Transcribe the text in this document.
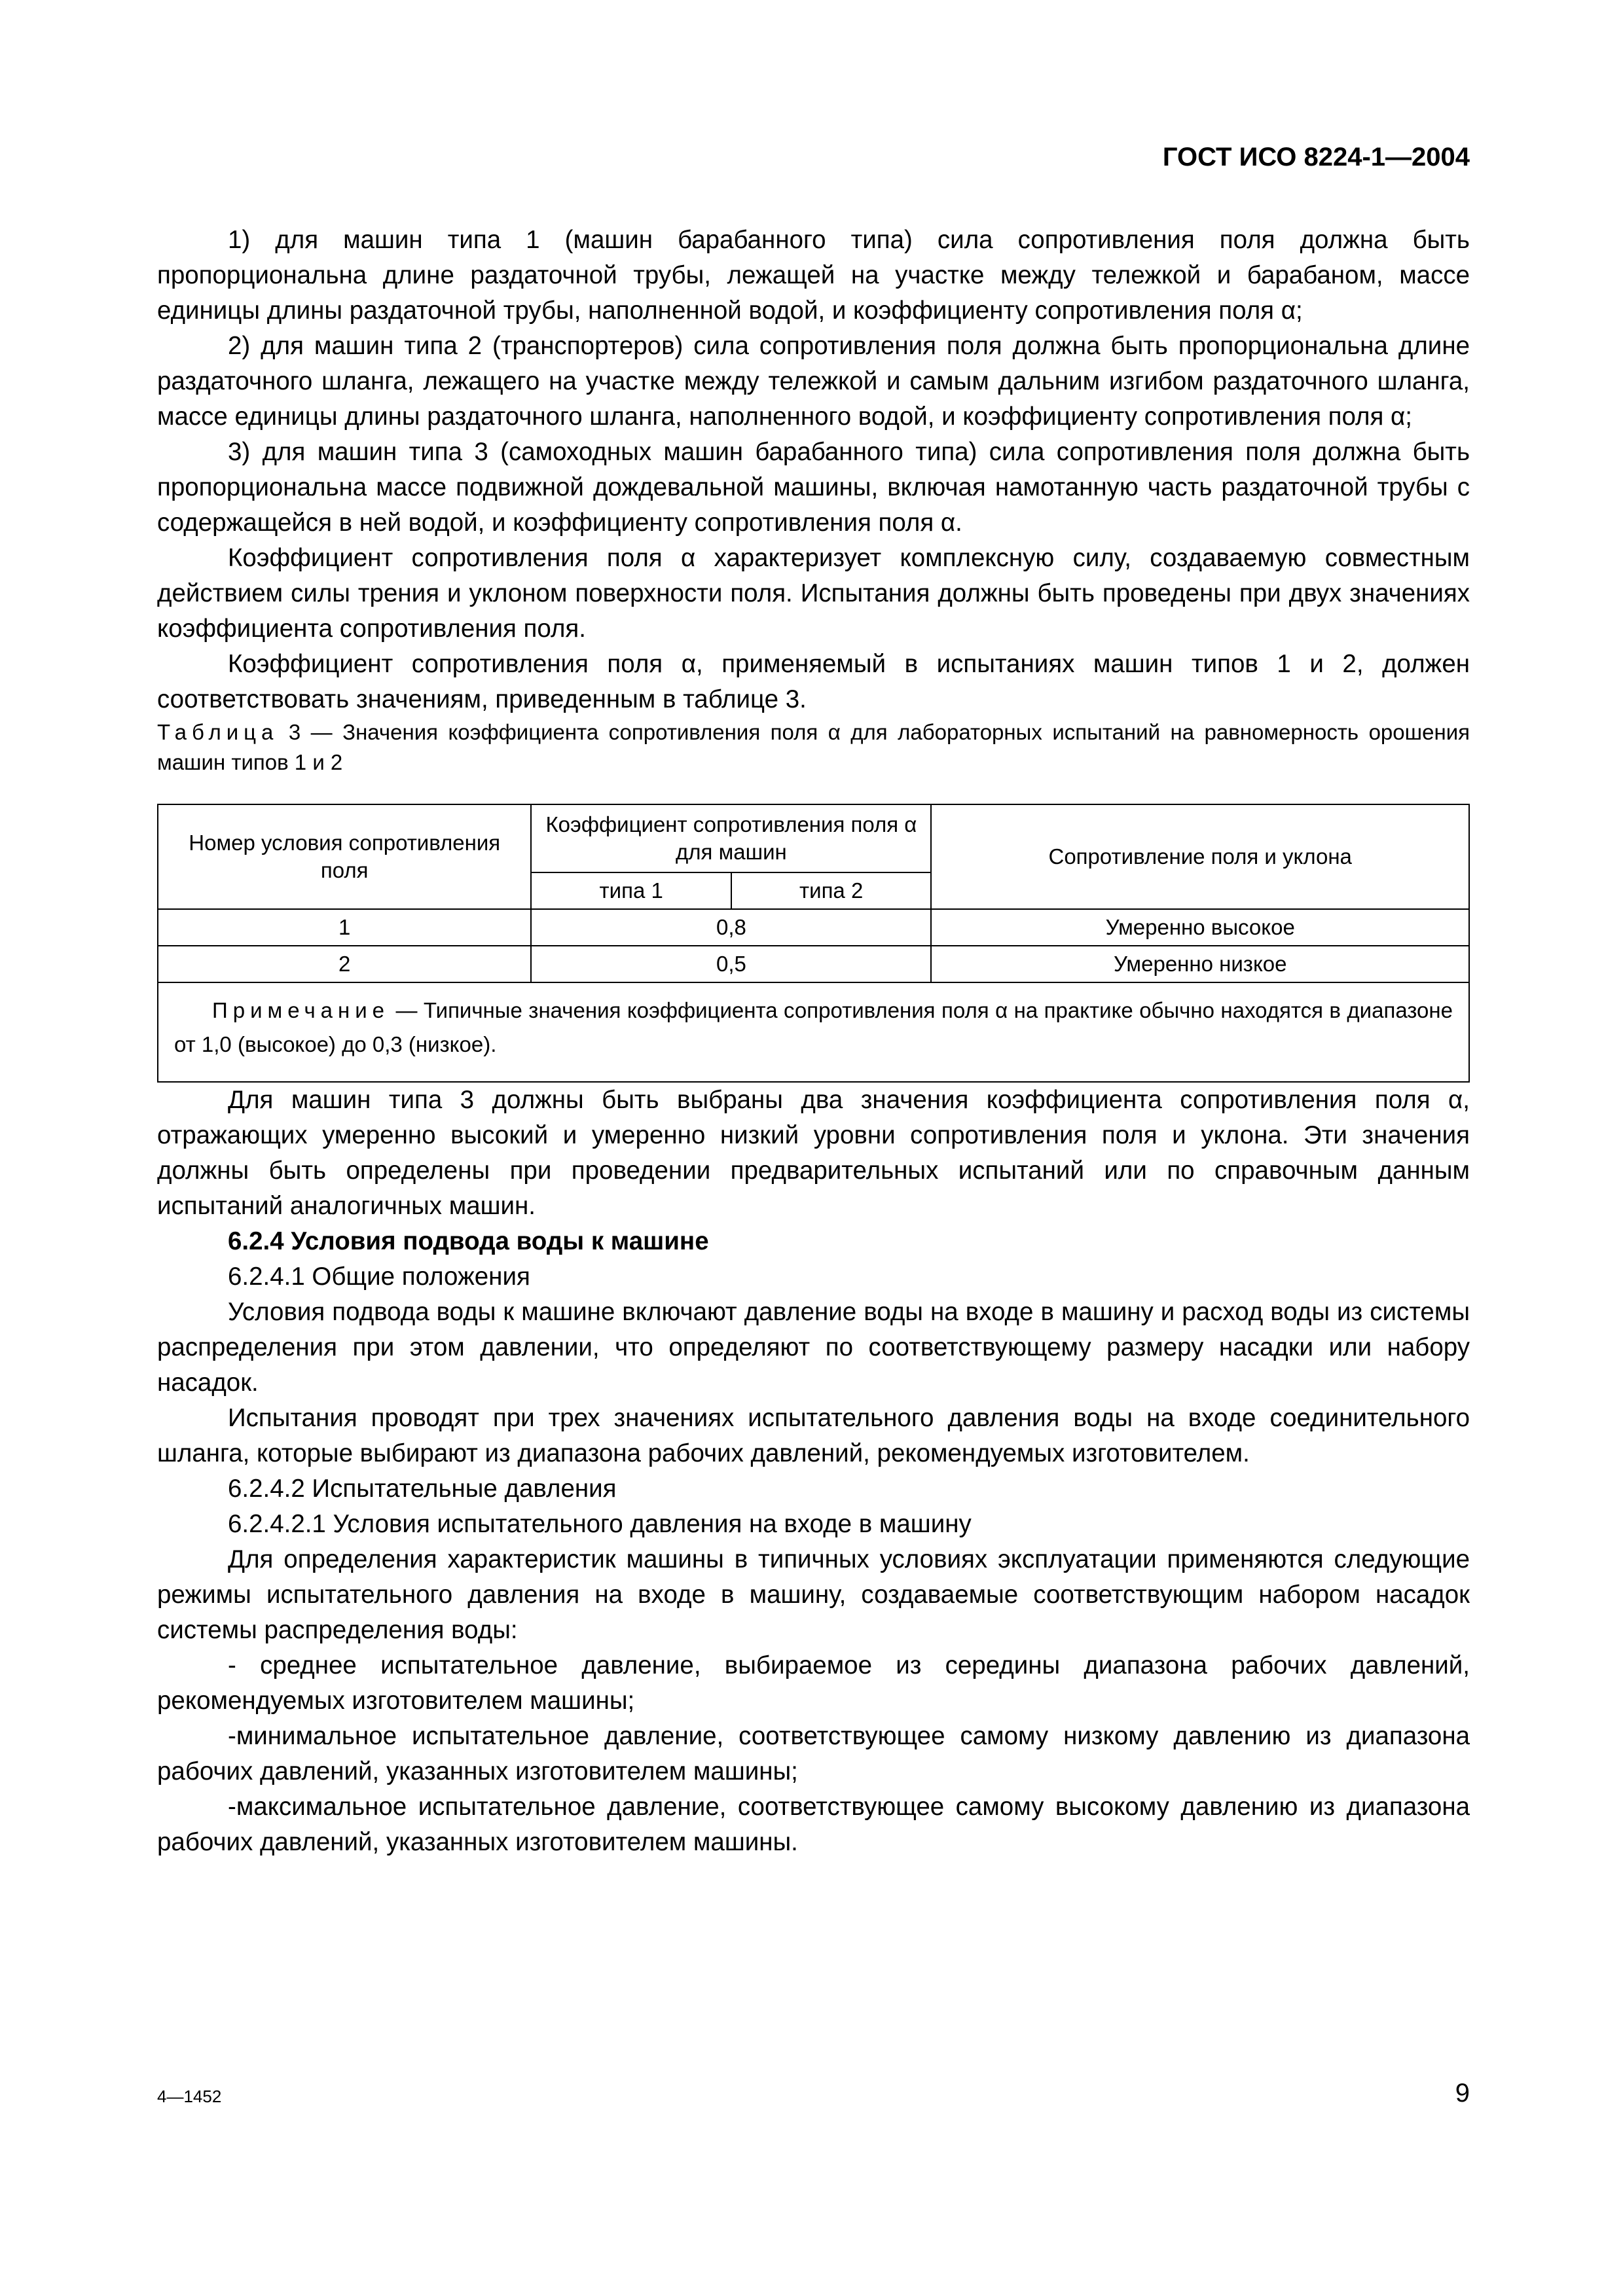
ГОСТ ИСО 8224-1—2004

1) для машин типа 1 (машин барабанного типа) сила сопротивления поля должна быть пропорциональна длине раздаточной трубы, лежащей на участке между тележкой и барабаном, массе единицы длины раздаточной трубы, наполненной водой, и коэффициенту сопротивления поля α;

2) для машин типа 2 (транспортеров) сила сопротивления поля должна быть пропорциональна длине раздаточного шланга, лежащего на участке между тележкой и самым дальним изгибом раздаточного шланга, массе единицы длины раздаточного шланга, наполненного водой, и коэффициенту сопротивления поля α;

3) для машин типа 3 (самоходных машин барабанного типа) сила сопротивления поля должна быть пропорциональна массе подвижной дождевальной машины, включая намотанную часть раздаточной трубы с содержащейся в ней водой, и коэффициенту сопротивления поля α.

Коэффициент сопротивления поля α характеризует комплексную силу, создаваемую совместным действием силы трения и уклоном поверхности поля. Испытания должны быть проведены при двух значениях коэффициента сопротивления поля.

Коэффициент сопротивления поля α, применяемый в испытаниях машин типов 1 и 2, должен соответствовать значениям, приведенным в таблице 3.

Таблица 3 — Значения коэффициента сопротивления поля α для лабораторных испытаний на равномерность орошения машин типов 1 и 2

Номер условия сопротивления поля	Коэффициент сопротивления поля α для машин		Сопротивление поля и уклона
	типа 1	типа 2	
1	0,8		Умеренно высокое
2	0,5		Умеренно низкое
Примечание — Типичные значения коэффициента сопротивления поля α на практике обычно находятся в диапазоне от 1,0 (высокое) до 0,3 (низкое).			

Для машин типа 3 должны быть выбраны два значения коэффициента сопротивления поля α, отражающих умеренно высокий и умеренно низкий уровни сопротивления поля и уклона. Эти значения должны быть определены при проведении предварительных испытаний или по справочным данным испытаний аналогичных машин.

6.2.4 Условия подвода воды к машине

6.2.4.1 Общие положения

Условия подвода воды к машине включают давление воды на входе в машину и расход воды из системы распределения при этом давлении, что определяют по соответствующему размеру насадки или набору насадок.

Испытания проводят при трех значениях испытательного давления воды на входе соединительного шланга, которые выбирают из диапазона рабочих давлений, рекомендуемых изготовителем.

6.2.4.2 Испытательные давления

6.2.4.2.1 Условия испытательного давления на входе в машину

Для определения характеристик машины в типичных условиях эксплуатации применяются следующие режимы испытательного давления на входе в машину, создаваемые соответствующим набором насадок системы распределения воды:

- среднее испытательное давление, выбираемое из середины диапазона рабочих давлений, рекомендуемых изготовителем машины;

-минимальное испытательное давление, соответствующее самому низкому давлению из диапазона рабочих давлений, указанных изготовителем машины;

-максимальное испытательное давление, соответствующее самому высокому давлению из диапазона рабочих давлений, указанных изготовителем машины.

4—1452	9
